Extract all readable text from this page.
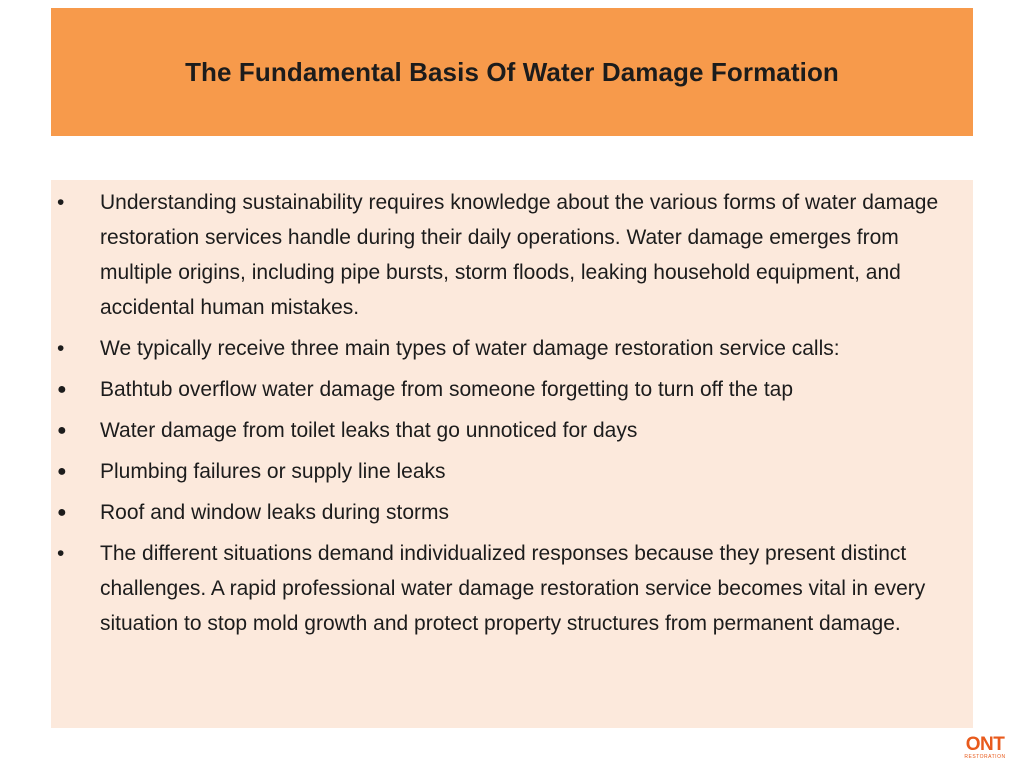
The Fundamental Basis Of Water Damage Formation
•	Understanding sustainability requires knowledge about the various forms of water damage restoration services handle during their daily operations. Water damage emerges from multiple origins, including pipe bursts, storm floods, leaking household equipment, and accidental human mistakes.
•	We typically receive three main types of water damage restoration service calls:
●	Bathtub overflow water damage from someone forgetting to turn off the tap
●	Water damage from toilet leaks that go unnoticed for days
●	Plumbing failures or supply line leaks
●	Roof and window leaks during storms
•	The different situations demand individualized responses because they present distinct challenges. A rapid professional water damage restoration service becomes vital in every situation to stop mold growth and protect property structures from permanent damage.
ONT
RESTORATION
